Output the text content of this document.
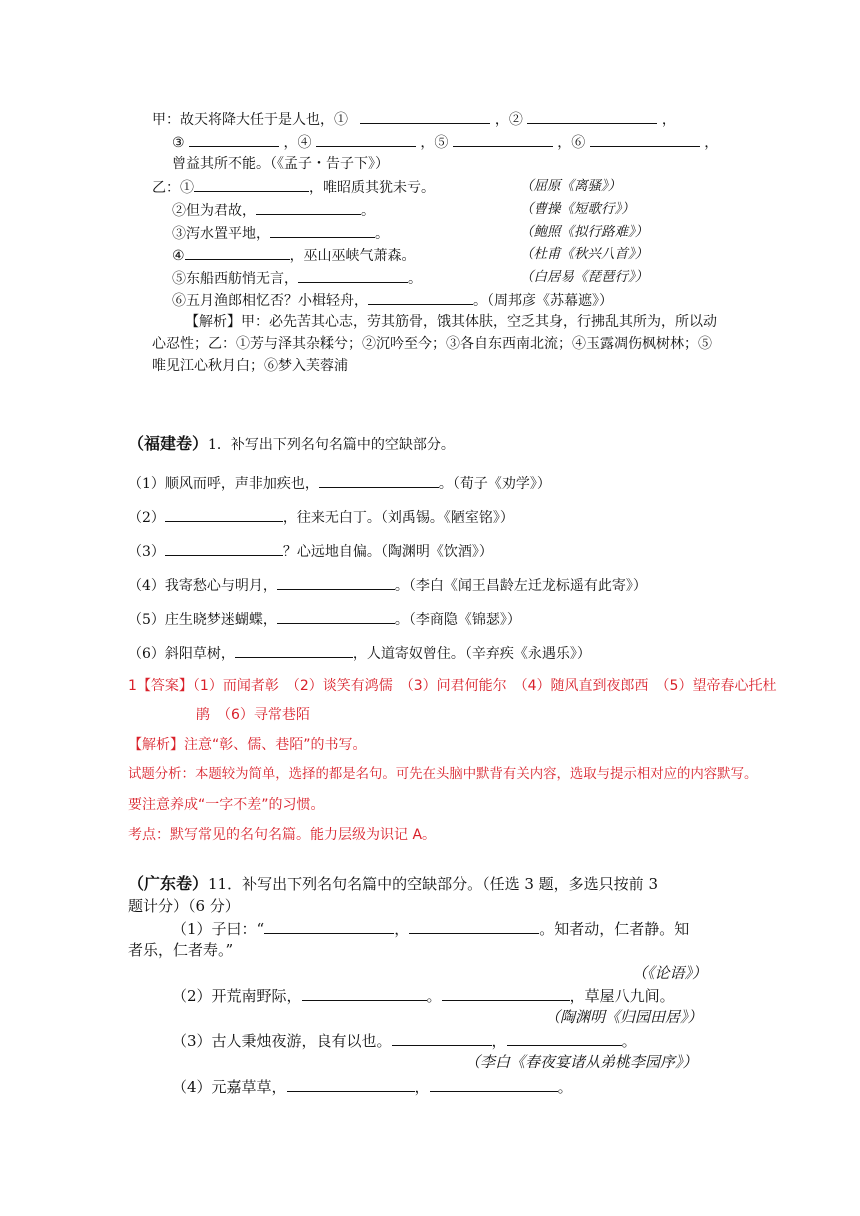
甲：故天将降大任于是人也，①	，②	，
③	，④	，⑤	，⑥	，
曾益其所不能。（《孟子・告子下》）
乙：①	，唯昭质其犹未亏。	（屈原《离骚》）
②但为君故，	。	（曹操《短歌行》）
③泻水置平地，	。	（鲍照《拟行路难》）
④	，巫山巫峡气萧森。	（杜甫《秋兴八首》）
⑤东船西舫悄无言，	。	（白居易《琵琶行》）
⑥五月渔郎相忆否？小楫轻舟，	。（周邦彦《苏幕遮》）
【解析】甲：必先苦其心志，劳其筋骨，饿其体肤，空乏其身，行拂乱其所为，所以动
心忍性；乙：①芳与泽其杂糅兮；②沉吟至今；③各自东西南北流；④玉露凋伤枫树林；⑤
唯见江心秋月白；⑥梦入芙蓉浦
（福建卷）1．补写出下列名句名篇中的空缺部分。
（1）顺风而呼，声非加疾也，	。（荀子《劝学》）
（2）	，往来无白丁。（刘禹锡。《陋室铭》）
（3）	？心远地自偏。（陶渊明《饮酒》）
（4）我寄愁心与明月，	。（李白《闻王昌龄左迁龙标遥有此寄》）
（5）庄生晓梦迷蝴蝶，	。（李商隐《锦瑟》）
（6）斜阳草树，	，人道寄奴曾住。（辛弃疾《永遇乐》）
1【答案】（1）而闻者彰　（2）谈笑有鸿儒　（3）问君何能尔　（4）随风直到夜郎西　（5）望帝春心托杜
鹃　（6）寻常巷陌
【解析】注意“彰、儒、巷陌”的书写。
试题分析：本题较为简单，选择的都是名句。可先在头脑中默背有关内容，选取与提示相对应的内容默写。
要注意养成“一字不差”的习惯。
考点：默写常见的名句名篇。能力层级为识记 A。
（广东卷）11．补写出下列名句名篇中的空缺部分。（任选 3 题，多选只按前 3
题计分）（6 分）
（1）子曰：“	，	。知者动，仁者静。知
者乐，仁者寿。”
（《论语》）
（2）开荒南野际，	。	，草屋八九间。
（陶渊明《归园田居》）
（3）古人秉烛夜游，良有以也。	，	。
（李白《春夜宴诸从弟桃李园序》）
（4）元嘉草草，	，	。
